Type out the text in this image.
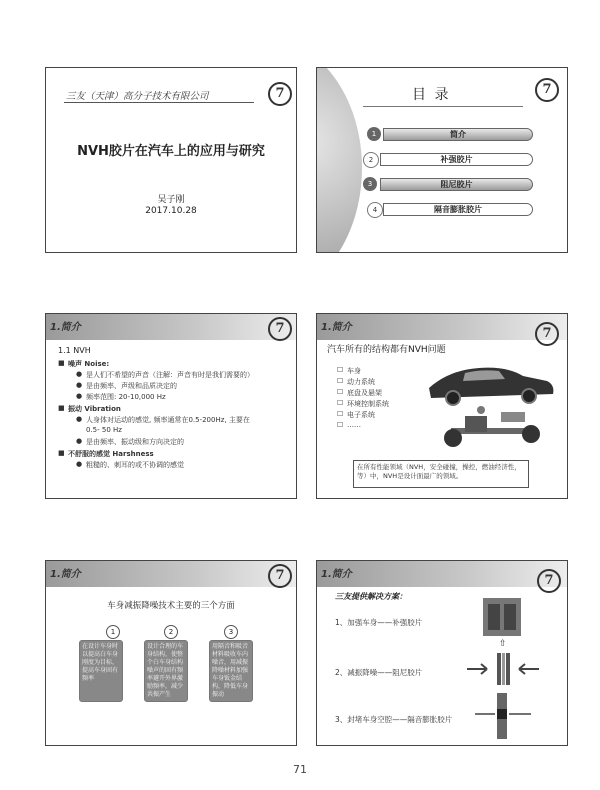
三友（天津）高分子技术有限公司	7
NVH胶片在汽车上的应用与研究
吴子刚
2017.10.28
目 录	7
1	简介
2	补强胶片
3	阻尼胶片
4	隔音膨胀胶片
1.简介	7
1.1 NVH
■ 噪声 Noise:
● 是人们不希望的声音（注解：声音有时是我们需要的）
● 是由频率、声级和品质决定的
● 频率范围: 20-10,000 Hz
■ 振动 Vibration
● 人身体对运动的感觉, 频率通常在0.5-200Hz, 主要在
0.5- 50 Hz
● 是由频率、振动级和方向决定的
■ 不舒服的感觉 Harshness
● 粗糙的、刺耳的或不协调的感觉
1.简介	7
汽车所有的结构都有NVH问题
☐ 车身
☐ 动力系统
☐ 底盘及悬架
☐ 环境控制系统
☐ 电子系统
☐ ……
在所有性能领域（NVH，安全碰撞，操控，燃油经济性，等）中，NVH是设计面最广的领域。
1.简介	7
车身减振降噪技术主要的三个方面
1
在设计车身时以提高白车身刚度为目标，提高车身固有频率
2
设计合理的车身结构，使整个白车身结构噪声的固有频率避开外界激励频率，减少共振产生
3
用隔音和吸音材料吸收车内噪音，用减振降噪材料加强车身钣金结构，降低车身振动
1.简介	7
三友提供解决方案：
1、加强车身——补强胶片
2、减振降噪——阻尼胶片
3、封堵车身空腔——隔音膨胀胶片
⇧
71
